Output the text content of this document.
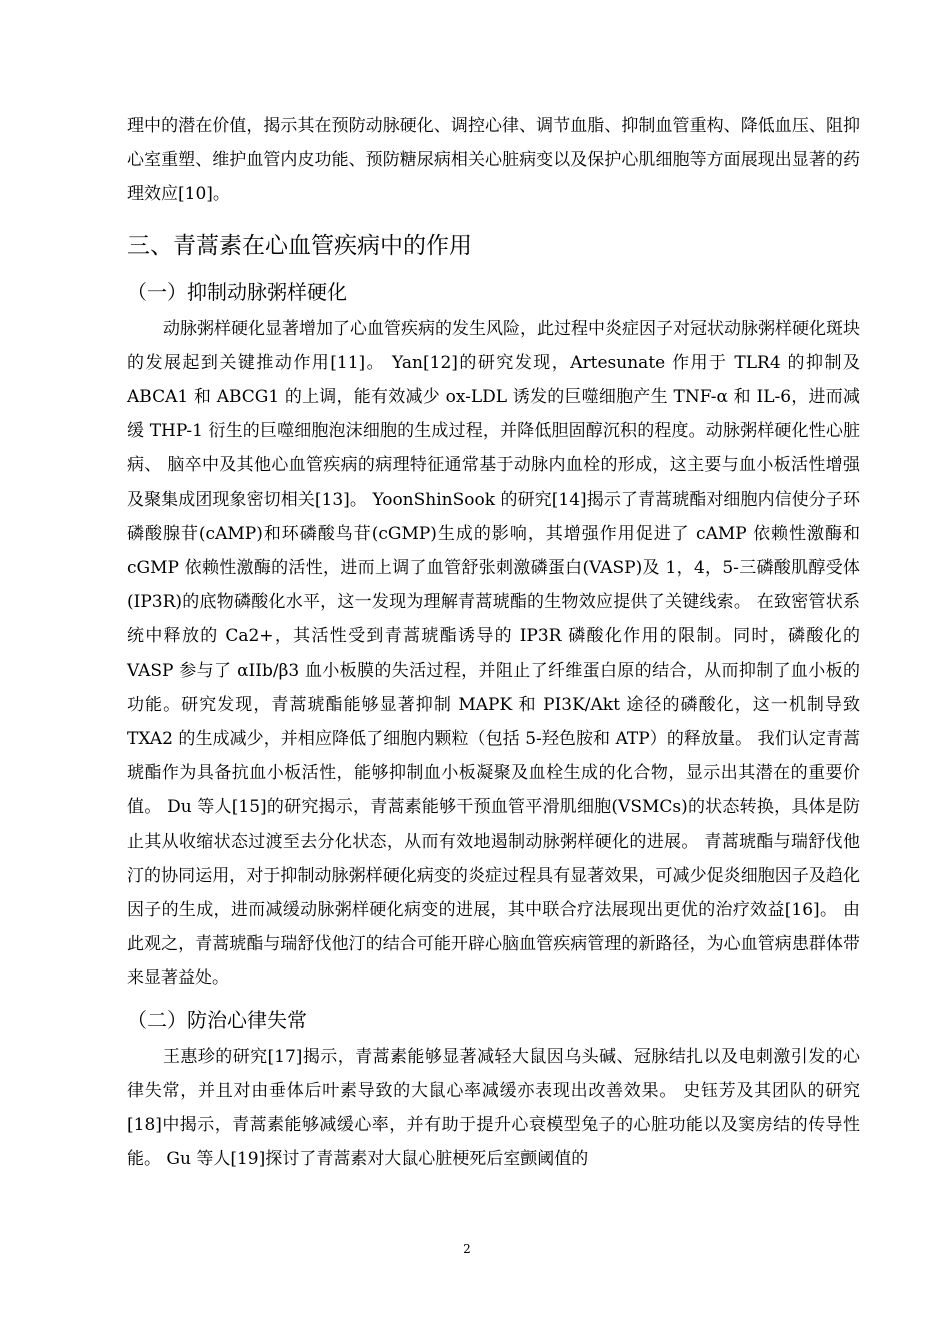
理中的潜在价值，揭示其在预防动脉硬化、调控心律、调节血脂、抑制血管重构、降低血压、阻抑心室重塑、维护血管内皮功能、预防糖尿病相关心脏病变以及保护心肌细胞等方面展现出显著的药理效应[10]。

三、青蒿素在心血管疾病中的作用
（一）抑制动脉粥样硬化

动脉粥样硬化显著增加了心血管疾病的发生风险，此过程中炎症因子对冠状动脉粥样硬化斑块的发展起到关键推动作用[11]。 Yan[12]的研究发现，Artesunate 作用于 TLR4 的抑制及 ABCA1 和 ABCG1 的上调，能有效减少 ox-LDL 诱发的巨噬细胞产生 TNF-α 和 IL-6，进而减缓 THP-1 衍生的巨噬细胞泡沫细胞的生成过程，并降低胆固醇沉积的程度。动脉粥样硬化性心脏病、 脑卒中及其他心血管疾病的病理特征通常基于动脉内血栓的形成，这主要与血小板活性增强及聚集成团现象密切相关[13]。 YoonShinSook 的研究[14]揭示了青蒿琥酯对细胞内信使分子环磷酸腺苷(cAMP)和环磷酸鸟苷(cGMP)生成的影响，其增强作用促进了 cAMP 依赖性激酶和 cGMP 依赖性激酶的活性，进而上调了血管舒张刺激磷蛋白(VASP)及 1，4，5-三磷酸肌醇受体(IP3R)的底物磷酸化水平，这一发现为理解青蒿琥酯的生物效应提供了关键线索。 在致密管状系统中释放的 Ca2+，其活性受到青蒿琥酯诱导的 IP3R 磷酸化作用的限制。同时，磷酸化的 VASP 参与了 αIIb/β3 血小板膜的失活过程，并阻止了纤维蛋白原的结合，从而抑制了血小板的功能。研究发现，青蒿琥酯能够显著抑制 MAPK 和 PI3K/Akt 途径的磷酸化，这一机制导致 TXA2 的生成减少，并相应降低了细胞内颗粒（包括 5-羟色胺和 ATP）的释放量。 我们认定青蒿琥酯作为具备抗血小板活性，能够抑制血小板凝聚及血栓生成的化合物，显示出其潜在的重要价值。 Du 等人[15]的研究揭示，青蒿素能够干预血管平滑肌细胞(VSMCs)的状态转换，具体是防止其从收缩状态过渡至去分化状态，从而有效地遏制动脉粥样硬化的进展。 青蒿琥酯与瑞舒伐他汀的协同运用，对于抑制动脉粥样硬化病变的炎症过程具有显著效果，可减少促炎细胞因子及趋化因子的生成，进而减缓动脉粥样硬化病变的进展，其中联合疗法展现出更优的治疗效益[16]。 由此观之，青蒿琥酯与瑞舒伐他汀的结合可能开辟心脑血管疾病管理的新路径，为心血管病患群体带来显著益处。

（二）防治心律失常

王惠珍的研究[17]揭示，青蒿素能够显著减轻大鼠因乌头碱、冠脉结扎以及电刺激引发的心律失常，并且对由垂体后叶素导致的大鼠心率减缓亦表现出改善效果。 史钰芳及其团队的研究[18]中揭示，青蒿素能够减缓心率，并有助于提升心衰模型兔子的心脏功能以及窦房结的传导性能。 Gu 等人[19]探讨了青蒿素对大鼠心脏梗死后室颤阈值的

2
